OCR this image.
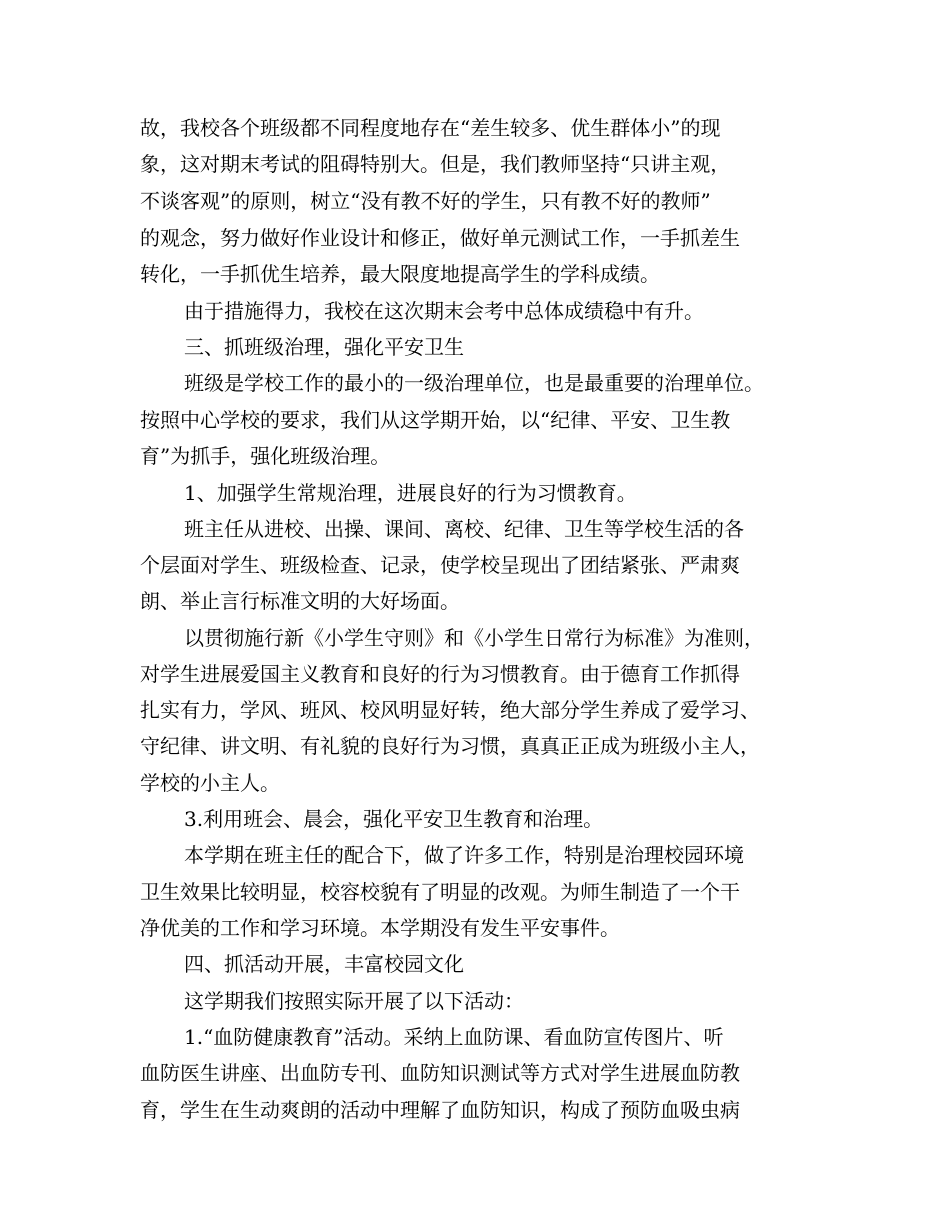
故，我校各个班级都不同程度地存在“差生较多、优生群体小”的现
象，这对期末考试的阻碍特别大。但是，我们教师坚持“只讲主观，
不谈客观”的原则，树立“没有教不好的学生，只有教不好的教师”
的观念，努力做好作业设计和修正，做好单元测试工作，一手抓差生
转化，一手抓优生培养，最大限度地提高学生的学科成绩。
由于措施得力，我校在这次期末会考中总体成绩稳中有升。
三、抓班级治理，强化平安卫生
班级是学校工作的最小的一级治理单位，也是最重要的治理单位。
按照中心学校的要求，我们从这学期开始，以“纪律、平安、卫生教
育”为抓手，强化班级治理。
1、加强学生常规治理，进展良好的行为习惯教育。
班主任从进校、出操、课间、离校、纪律、卫生等学校生活的各
个层面对学生、班级检查、记录，使学校呈现出了团结紧张、严肃爽
朗、举止言行标准文明的大好场面。
以贯彻施行新《小学生守则》和《小学生日常行为标准》为准则，
对学生进展爱国主义教育和良好的行为习惯教育。由于德育工作抓得
扎实有力，学风、班风、校风明显好转，绝大部分学生养成了爱学习、
守纪律、讲文明、有礼貌的良好行为习惯，真真正正成为班级小主人，
学校的小主人。
3.利用班会、晨会，强化平安卫生教育和治理。
本学期在班主任的配合下，做了许多工作，特别是治理校园环境
卫生效果比较明显，校容校貌有了明显的改观。为师生制造了一个干
净优美的工作和学习环境。本学期没有发生平安事件。
四、抓活动开展，丰富校园文化
这学期我们按照实际开展了以下活动：
1.“血防健康教育”活动。采纳上血防课、看血防宣传图片、听
血防医生讲座、出血防专刊、血防知识测试等方式对学生进展血防教
育，学生在生动爽朗的活动中理解了血防知识，构成了预防血吸虫病
